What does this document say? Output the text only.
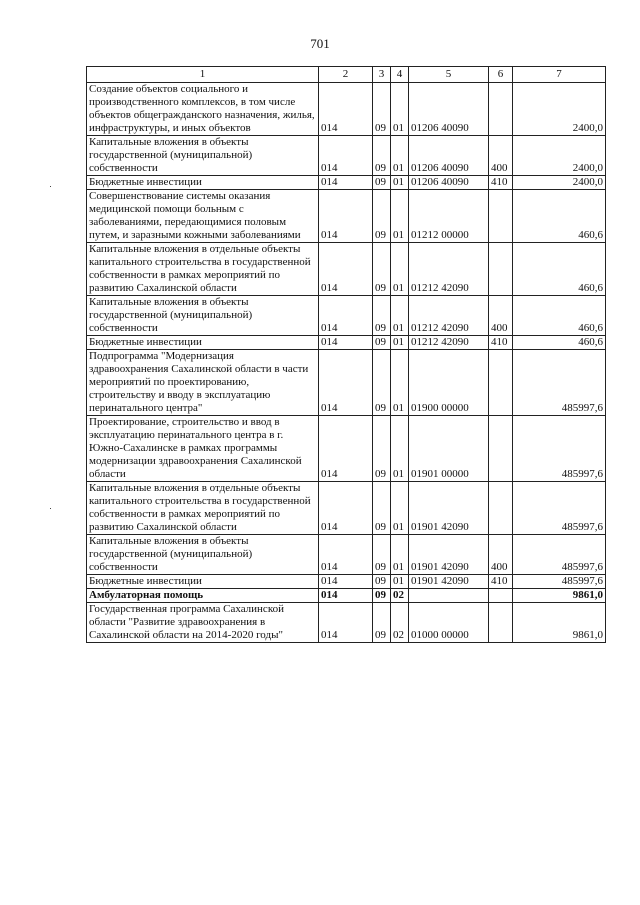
701
1	2	3	4	5	6	7
Создание объектов социального и производственного комплексов, в том числе объектов общегражданского назначения, жилья, инфраструктуры, и иных объектов	014	09	01	01206 40090		2400,0
Капитальные вложения в объекты государственной (муниципальной) собственности	014	09	01	01206 40090	400	2400,0
Бюджетные инвестиции	014	09	01	01206 40090	410	2400,0
Совершенствование системы оказания медицинской помощи больным с заболеваниями, передающимися половым путем, и заразными кожными заболеваниями	014	09	01	01212 00000		460,6
Капитальные вложения в отдельные объекты капитального строительства в государственной собственности в рамках мероприятий по развитию Сахалинской области	014	09	01	01212 42090		460,6
Капитальные вложения в объекты государственной (муниципальной) собственности	014	09	01	01212 42090	400	460,6
Бюджетные инвестиции	014	09	01	01212 42090	410	460,6
Подпрограмма "Модернизация здравоохранения Сахалинской области в части мероприятий по проектированию, строительству и вводу в эксплуатацию перинатального центра"	014	09	01	01900 00000		485997,6
Проектирование, строительство и ввод в эксплуатацию перинатального центра в г. Южно-Сахалинске в рамках программы модернизации здравоохранения Сахалинской области	014	09	01	01901 00000		485997,6
Капитальные вложения в отдельные объекты капитального строительства в государственной собственности в рамках мероприятий по развитию Сахалинской области	014	09	01	01901 42090		485997,6
Капитальные вложения в объекты государственной (муниципальной) собственности	014	09	01	01901 42090	400	485997,6
Бюджетные инвестиции	014	09	01	01901 42090	410	485997,6
Амбулаторная помощь	014	09	02			9861,0
Государственная программа Сахалинской области "Развитие здравоохранения в Сахалинской области на 2014-2020 годы"	014	09	02	01000 00000		9861,0
